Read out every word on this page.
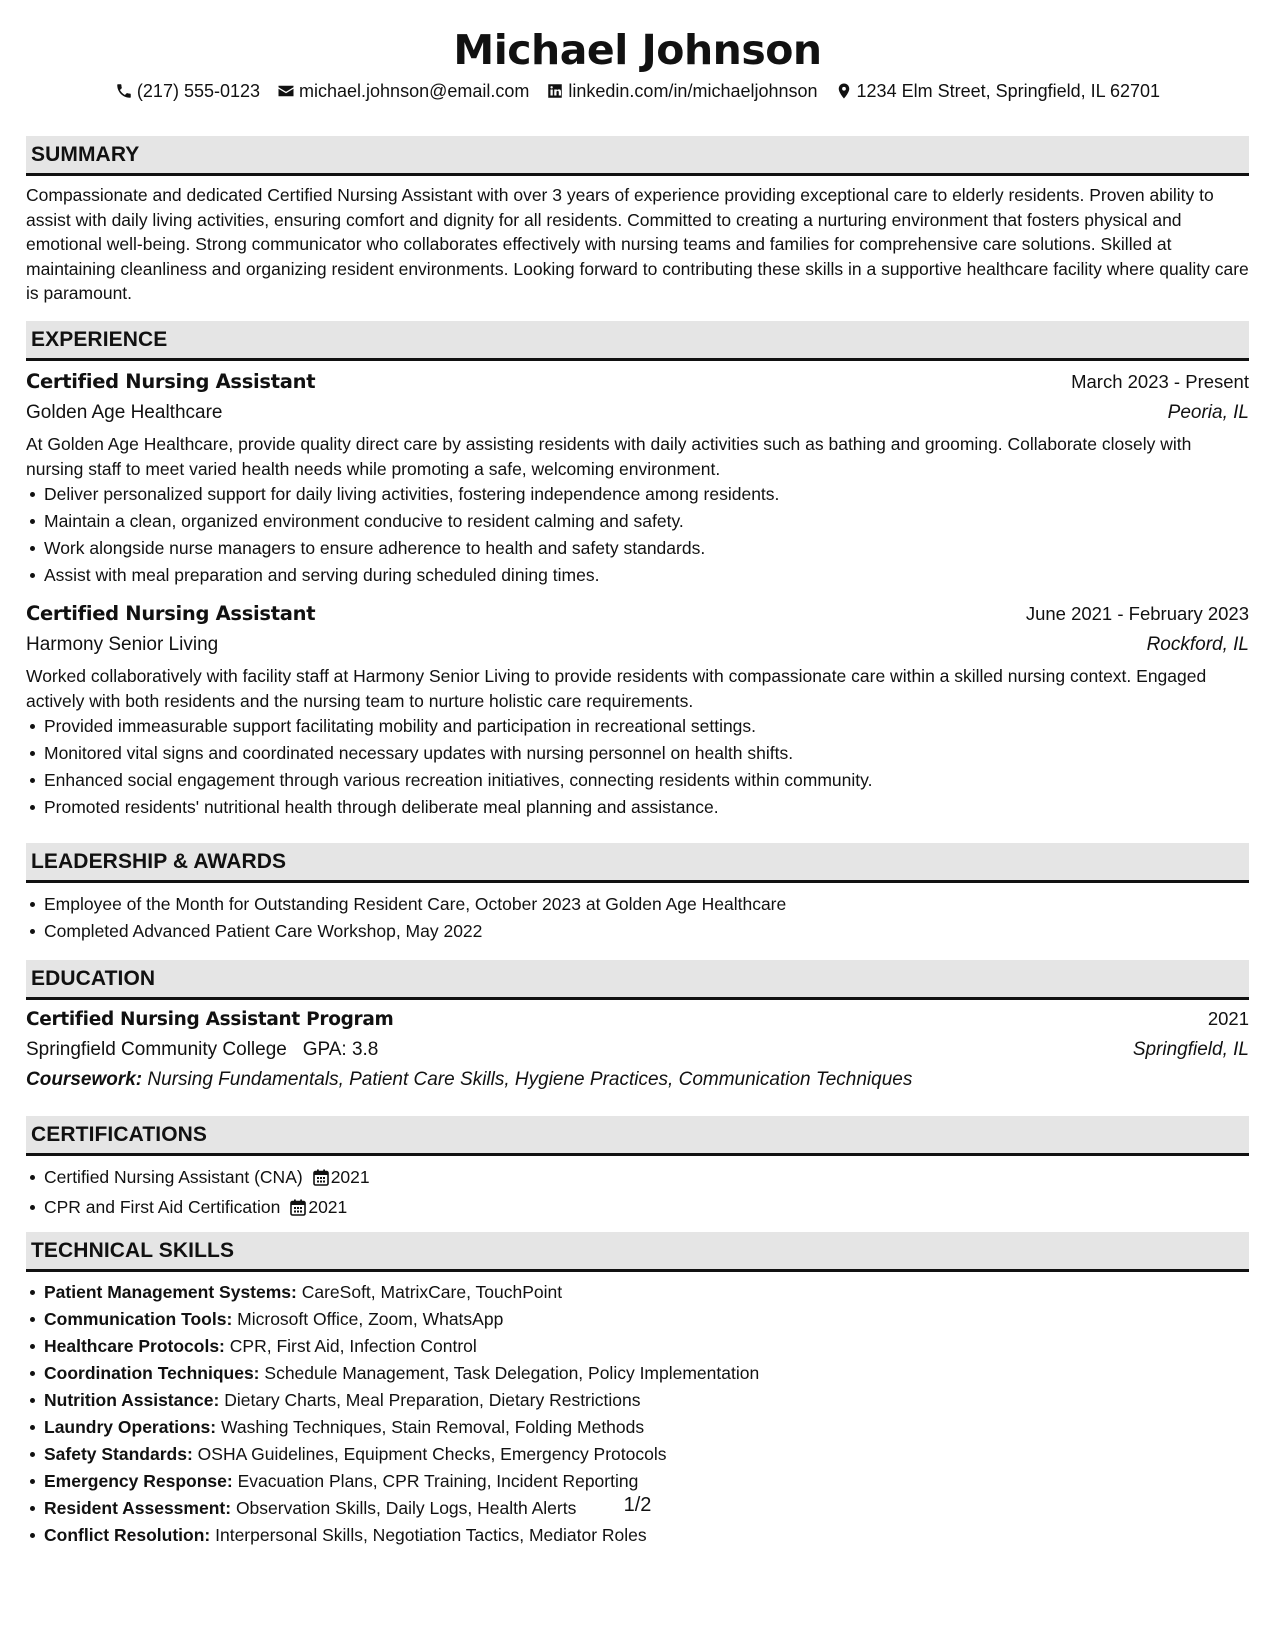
Michael Johnson
(217) 555-0123 michael.johnson@email.com linkedin.com/in/michaeljohnson 1234 Elm Street, Springfield, IL 62701
SUMMARY
Compassionate and dedicated Certified Nursing Assistant with over 3 years of experience providing exceptional care to elderly residents. Proven ability to assist with daily living activities, ensuring comfort and dignity for all residents. Committed to creating a nurturing environment that fosters physical and emotional well-being. Strong communicator who collaborates effectively with nursing teams and families for comprehensive care solutions. Skilled at maintaining cleanliness and organizing resident environments. Looking forward to contributing these skills in a supportive healthcare facility where quality care is paramount.
EXPERIENCE
Certified Nursing Assistant	March 2023 - Present
Golden Age Healthcare	Peoria, IL
At Golden Age Healthcare, provide quality direct care by assisting residents with daily activities such as bathing and grooming. Collaborate closely with nursing staff to meet varied health needs while promoting a safe, welcoming environment.
Deliver personalized support for daily living activities, fostering independence among residents.
Maintain a clean, organized environment conducive to resident calming and safety.
Work alongside nurse managers to ensure adherence to health and safety standards.
Assist with meal preparation and serving during scheduled dining times.
Certified Nursing Assistant	June 2021 - February 2023
Harmony Senior Living	Rockford, IL
Worked collaboratively with facility staff at Harmony Senior Living to provide residents with compassionate care within a skilled nursing context. Engaged actively with both residents and the nursing team to nurture holistic care requirements.
Provided immeasurable support facilitating mobility and participation in recreational settings.
Monitored vital signs and coordinated necessary updates with nursing personnel on health shifts.
Enhanced social engagement through various recreation initiatives, connecting residents within community.
Promoted residents' nutritional health through deliberate meal planning and assistance.
LEADERSHIP & AWARDS
Employee of the Month for Outstanding Resident Care, October 2023 at Golden Age Healthcare
Completed Advanced Patient Care Workshop, May 2022
EDUCATION
Certified Nursing Assistant Program	2021
Springfield Community College GPA: 3.8	Springfield, IL
Coursework: Nursing Fundamentals, Patient Care Skills, Hygiene Practices, Communication Techniques
CERTIFICATIONS
Certified Nursing Assistant (CNA) 2021
CPR and First Aid Certification 2021
TECHNICAL SKILLS
Patient Management Systems: CareSoft, MatrixCare, TouchPoint
Communication Tools: Microsoft Office, Zoom, WhatsApp
Healthcare Protocols: CPR, First Aid, Infection Control
Coordination Techniques: Schedule Management, Task Delegation, Policy Implementation
Nutrition Assistance: Dietary Charts, Meal Preparation, Dietary Restrictions
Laundry Operations: Washing Techniques, Stain Removal, Folding Methods
Safety Standards: OSHA Guidelines, Equipment Checks, Emergency Protocols
Emergency Response: Evacuation Plans, CPR Training, Incident Reporting
Resident Assessment: Observation Skills, Daily Logs, Health Alerts
Conflict Resolution: Interpersonal Skills, Negotiation Tactics, Mediator Roles
1/2
